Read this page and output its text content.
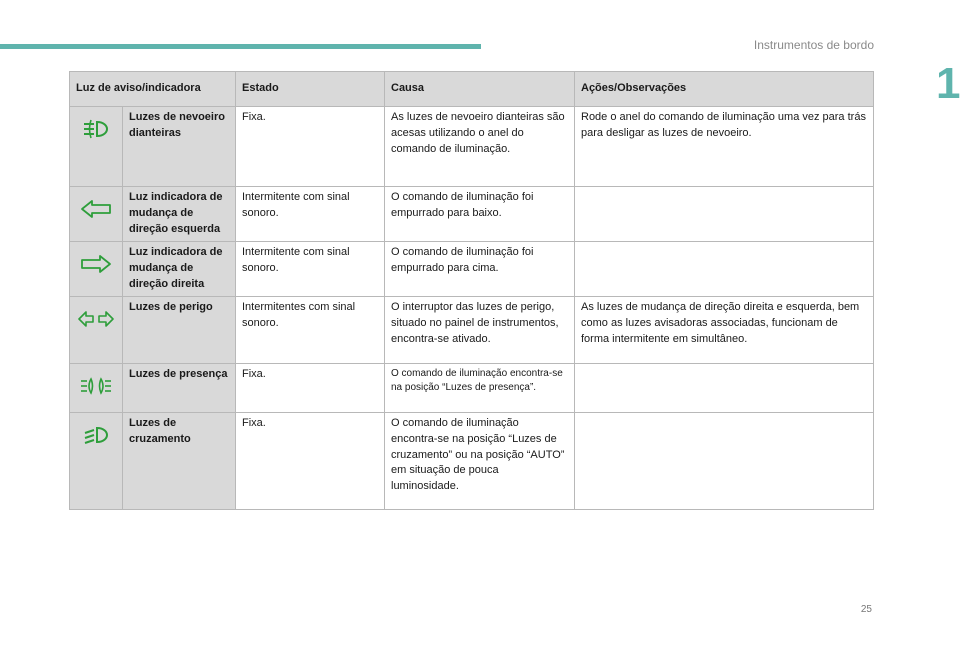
Instrumentos de bordo
1
Luz de aviso/indicadora		Estado	Causa	Ações/Observações
	Luzes de nevoeiro dianteiras	Fixa.	As luzes de nevoeiro dianteiras são acesas utilizando o anel do comando de iluminação.	Rode o anel do comando de iluminação uma vez para trás para desligar as luzes de nevoeiro.
	Luz indicadora de mudança de direção esquerda	Intermitente com sinal sonoro.	O comando de iluminação foi empurrado para baixo.	
	Luz indicadora de mudança de direção direita	Intermitente com sinal sonoro.	O comando de iluminação foi empurrado para cima.	
	Luzes de perigo	Intermitentes com sinal sonoro.	O interruptor das luzes de perigo, situado no painel de instrumentos, encontra-se ativado.	As luzes de mudança de direção direita e esquerda, bem como as luzes avisadoras associadas, funcionam de forma intermitente em simultâneo.
	Luzes de presença	Fixa.	O comando de iluminação encontra-se na posição “Luzes de presença”.	
	Luzes de cruzamento	Fixa.	O comando de iluminação encontra-se na posição “Luzes de cruzamento” ou na posição “AUTO” em situação de pouca luminosidade.	
25
